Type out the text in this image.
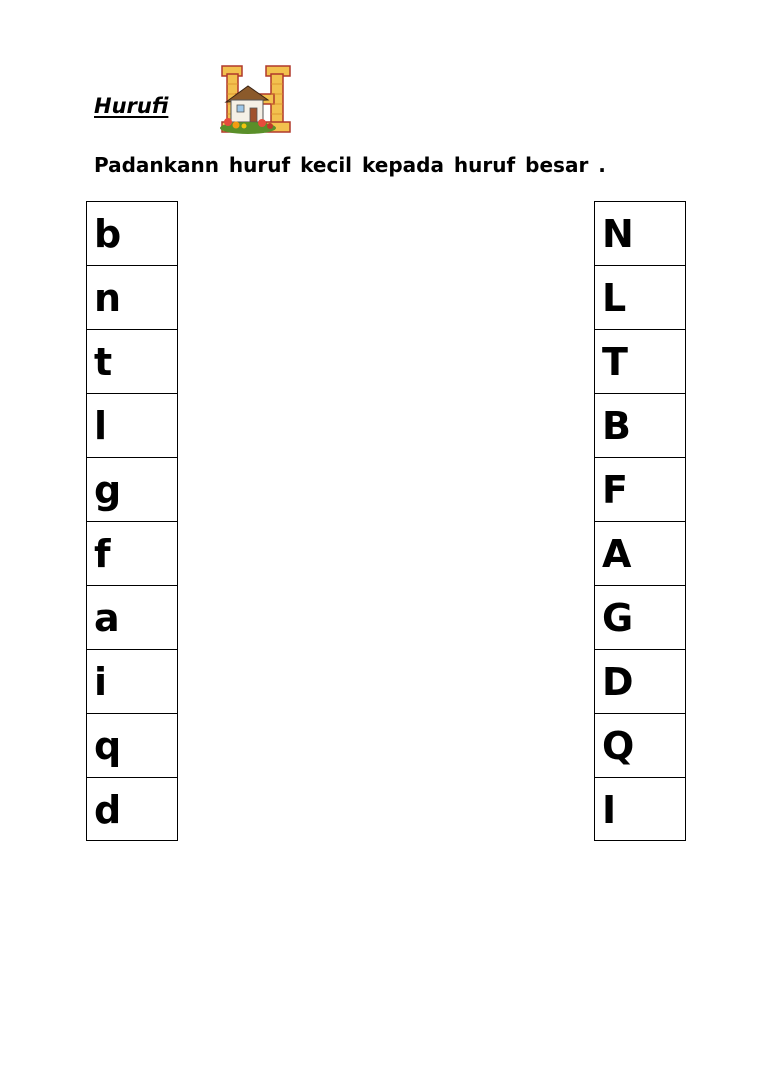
Hurufi

Padankann huruf kecil kepada huruf besar .

b
n
t
l
g
f
a
i
q
d
N
L
T
B
F
A
G
D
Q
I
